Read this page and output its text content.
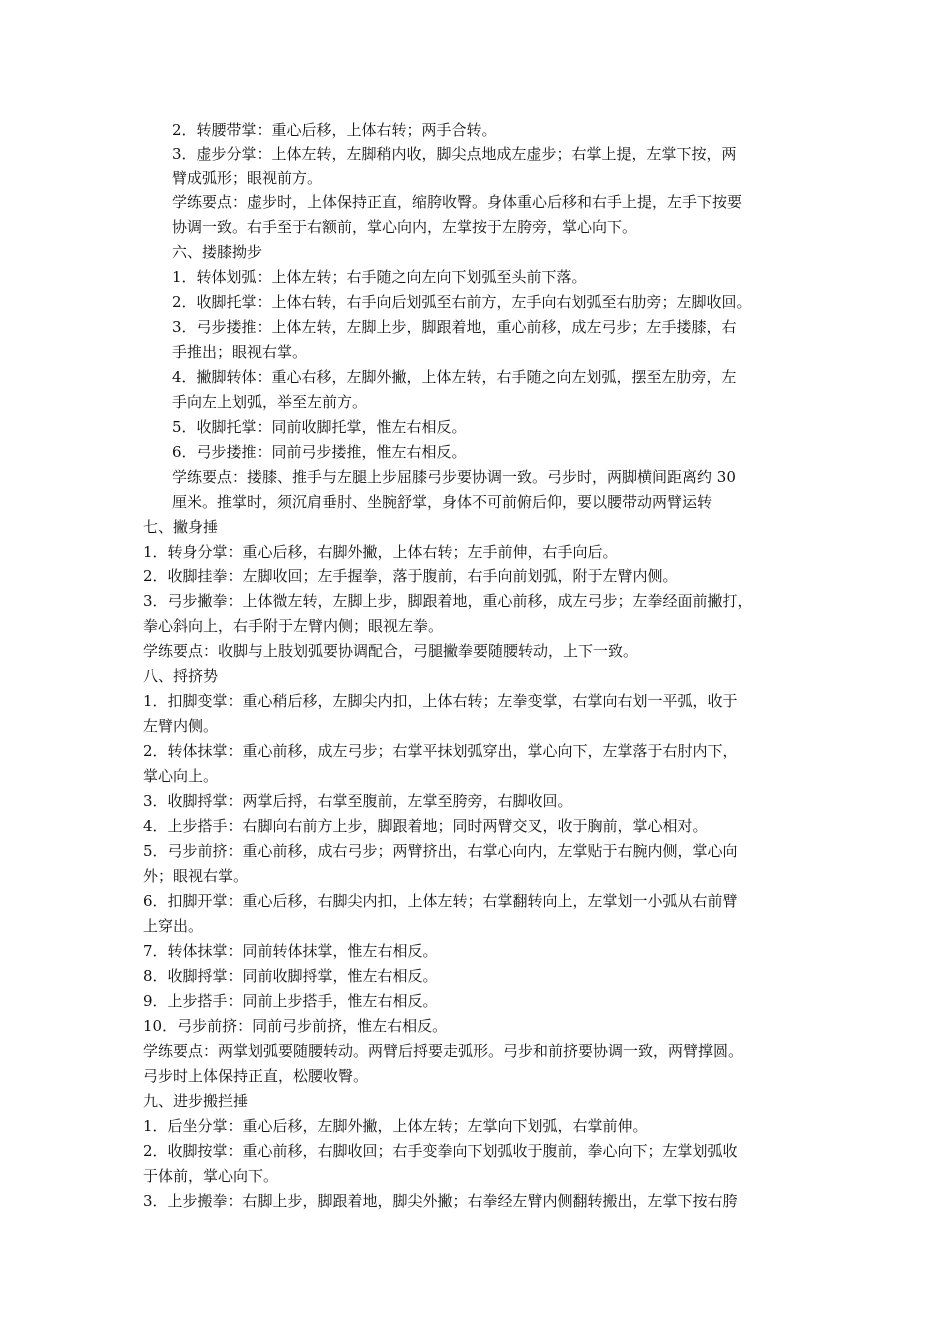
2．转腰带掌：重心后移，上体右转；两手合转。
3．虚步分掌：上体左转，左脚稍内收，脚尖点地成左虚步；右掌上提，左掌下按，两
臂成弧形；眼视前方。
学练要点：虚步时，上体保持正直，缩胯收臀。身体重心后移和右手上提，左手下按要
协调一致。右手至于右额前，掌心向内，左掌按于左胯旁，掌心向下。
六、搂膝拗步
1．转体划弧：上体左转；右手随之向左向下划弧至头前下落。
2．收脚托掌：上体右转，右手向后划弧至右前方，左手向右划弧至右肋旁；左脚收回。
3．弓步搂推：上体左转，左脚上步，脚跟着地，重心前移，成左弓步；左手搂膝，右
手推出；眼视右掌。
4．撇脚转体：重心右移，左脚外撇，上体左转，右手随之向左划弧，摆至左肋旁，左
手向左上划弧，举至左前方。
5．收脚托掌：同前收脚托掌，惟左右相反。
6．弓步搂推：同前弓步搂推，惟左右相反。
学练要点：搂膝、推手与左腿上步屈膝弓步要协调一致。弓步时，两脚横间距离约 30
厘米。推掌时，须沉肩垂肘、坐腕舒掌，身体不可前俯后仰，要以腰带动两臂运转
七、撇身捶
1．转身分掌：重心后移，右脚外撇，上体右转；左手前伸，右手向后。
2．收脚挂拳：左脚收回；左手握拳，落于腹前，右手向前划弧，附于左臂内侧。
3．弓步撇拳：上体微左转，左脚上步，脚跟着地，重心前移，成左弓步；左拳经面前撇打，
拳心斜向上，右手附于左臂内侧；眼视左拳。
学练要点：收脚与上肢划弧要协调配合，弓腿撇拳要随腰转动，上下一致。
八、捋挤势
1．扣脚变掌：重心稍后移，左脚尖内扣，上体右转；左拳变掌，右掌向右划一平弧，收于
左臂内侧。
2．转体抹掌：重心前移，成左弓步；右掌平抹划弧穿出，掌心向下，左掌落于右肘内下，
掌心向上。
3．收脚捋掌：两掌后捋，右掌至腹前，左掌至胯旁，右脚收回。
4．上步搭手：右脚向右前方上步，脚跟着地；同时两臂交叉，收于胸前，掌心相对。
5．弓步前挤：重心前移，成右弓步；两臂挤出，右掌心向内，左掌贴于右腕内侧，掌心向
外；眼视右掌。
6．扣脚开掌：重心后移，右脚尖内扣，上体左转；右掌翻转向上，左掌划一小弧从右前臂
上穿出。
7．转体抹掌：同前转体抹掌，惟左右相反。
8．收脚捋掌：同前收脚捋掌，惟左右相反。
9．上步搭手：同前上步搭手，惟左右相反。
10．弓步前挤：同前弓步前挤，惟左右相反。
学练要点：两掌划弧要随腰转动。两臂后捋要走弧形。弓步和前挤要协调一致，两臂撑圆。
弓步时上体保持正直，松腰收臀。
九、进步搬拦捶
1．后坐分掌：重心后移，左脚外撇，上体左转；左掌向下划弧，右掌前伸。
2．收脚按掌：重心前移，右脚收回；右手变拳向下划弧收于腹前，拳心向下；左掌划弧收
于体前，掌心向下。
3．上步搬拳：右脚上步，脚跟着地，脚尖外撇；右拳经左臂内侧翻转搬出，左掌下按右胯
